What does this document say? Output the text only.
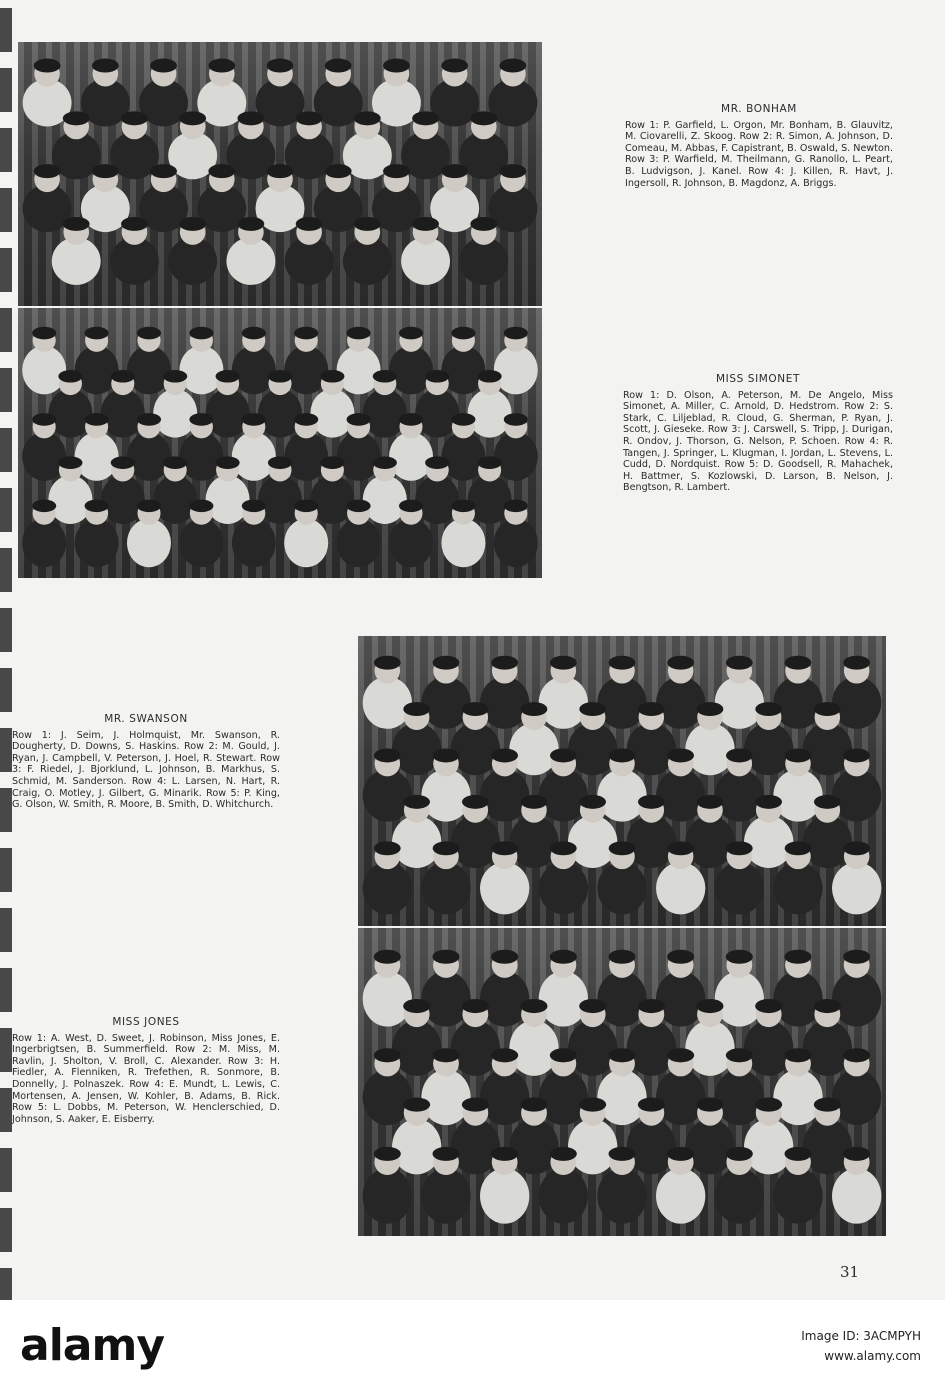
MR. BONHAM
Row 1: P. Garfield, L. Orgon, Mr. Bonham, B. Glauvitz, M. Ciovarelli, Z. Skoog. Row 2: R. Simon, A. Johnson, D. Comeau, M. Abbas, F. Capistrant, B. Oswald, S. Newton. Row 3: P. Warfield, M. Theilmann, G. Ranollo, L. Peart, B. Ludvigson, J. Kanel. Row 4: J. Killen, R. Havt, J. Ingersoll, R. Johnson, B. Magdonz, A. Briggs.
MISS SIMONET
Row 1: D. Olson, A. Peterson, M. De Angelo, Miss Simonet, A. Miller, C. Arnold, D. Hedstrom. Row 2: S. Stark, C. Liljeblad, R. Cloud, G. Sherman, P. Ryan, J. Scott, J. Gieseke. Row 3: J. Carswell, S. Tripp, J. Durigan, R. Ondov, J. Thorson, G. Nelson, P. Schoen. Row 4: R. Tangen, J. Springer, L. Klugman, I. Jordan, L. Stevens, L. Cudd, D. Nordquist. Row 5: D. Goodsell, R. Mahachek, H. Battmer, S. Kozlowski, D. Larson, B. Nelson, J. Bengtson, R. Lambert.
MR. SWANSON
Row 1: J. Seim, J. Holmquist, Mr. Swanson, R. Dougherty, D. Downs, S. Haskins. Row 2: M. Gould, J. Ryan, J. Campbell, V. Peterson, J. Hoel, R. Stewart. Row 3: F. Riedel, J. Bjorklund, L. Johnson, B. Markhus, S. Schmid, M. Sanderson. Row 4: L. Larsen, N. Hart, R. Craig, O. Motley, J. Gilbert, G. Minarik. Row 5: P. King, G. Olson, W. Smith, R. Moore, B. Smith, D. Whitchurch.
MISS JONES
Row 1: A. West, D. Sweet, J. Robinson, Miss Jones, E. Ingerbrigtsen, B. Summerfield. Row 2: M. Miss, M. Ravlin, J. Sholton, V. Broll, C. Alexander. Row 3: H. Fiedler, A. Flenniken, R. Trefethen, R. Sonmore, B. Donnelly, J. Polnaszek. Row 4: E. Mundt, L. Lewis, C. Mortensen, A. Jensen, W. Kohler, B. Adams, B. Rick. Row 5: L. Dobbs, M. Peterson, W. Henclerschied, D. Johnson, S. Aaker, E. Eisberry.
31
alamy	Image ID: 3ACMPYH
www.alamy.com
